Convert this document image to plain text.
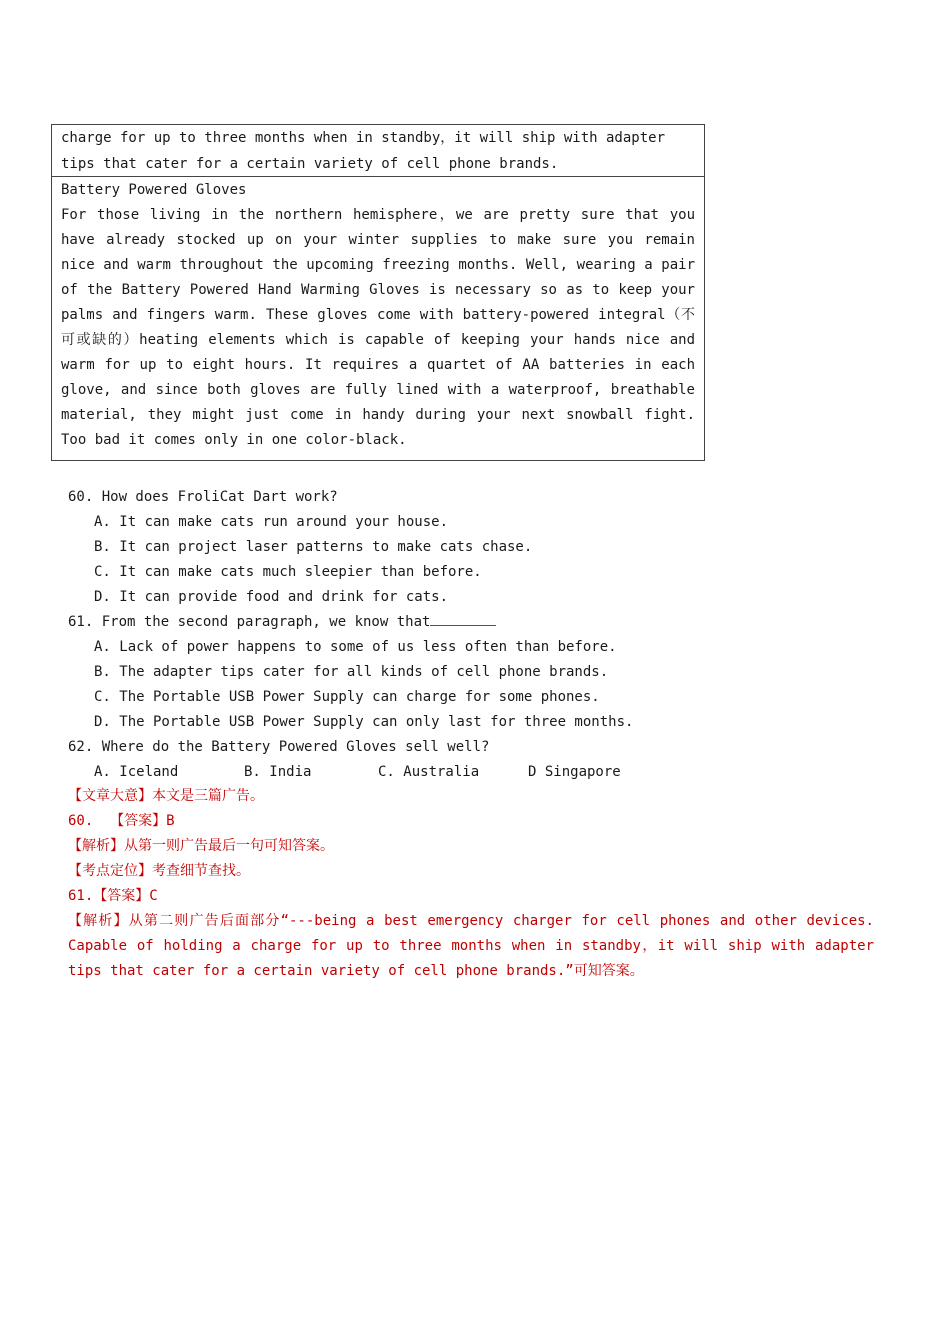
charge for up to three months when in standby，it will ship with adapter

tips that cater for a certain variety of cell phone brands.

Battery Powered Gloves

For those living in the northern hemisphere，we are pretty sure that you have already stocked up on your winter supplies to make sure you remain nice and warm throughout the upcoming freezing months. Well, wearing a pair of the Battery Powered Hand Warming Gloves is necessary so as to keep your palms and fingers warm. These gloves come with battery-powered integral（不可或缺的）heating elements which is capable of keeping your hands nice and warm for up to eight hours. It requires a quartet of AA batteries in each glove, and since both gloves are fully lined with a waterproof, breathable material, they might just come in handy during your next snowball fight. Too bad it comes only in one color-black.

60. How does FroliCat Dart work?
A. It can make cats run around your house.
B. It can project laser patterns to make cats chase.
C. It can make cats much sleepier than before.
D. It can provide food and drink for cats.
61. From the second paragraph, we know that
A. Lack of power happens to some of us less often than before.
B. The adapter tips cater for all kinds of cell phone brands.
C. The Portable USB Power Supply can charge for some phones.
D. The Portable USB Power Supply can only last for three months.
62. Where do the Battery Powered Gloves sell well?
A. Iceland	B. India	C. Australia	D Singapore
【文章大意】本文是三篇广告。
60.  【答案】B
【解析】从第一则广告最后一句可知答案。
【考点定位】考查细节查找。
61.【答案】C
【解析】从第二则广告后面部分“---being a best emergency charger for cell phones and other devices. Capable of holding a charge for up to three months when in standby，it will ship with adapter tips that cater for a certain variety of cell phone brands.”可知答案。
